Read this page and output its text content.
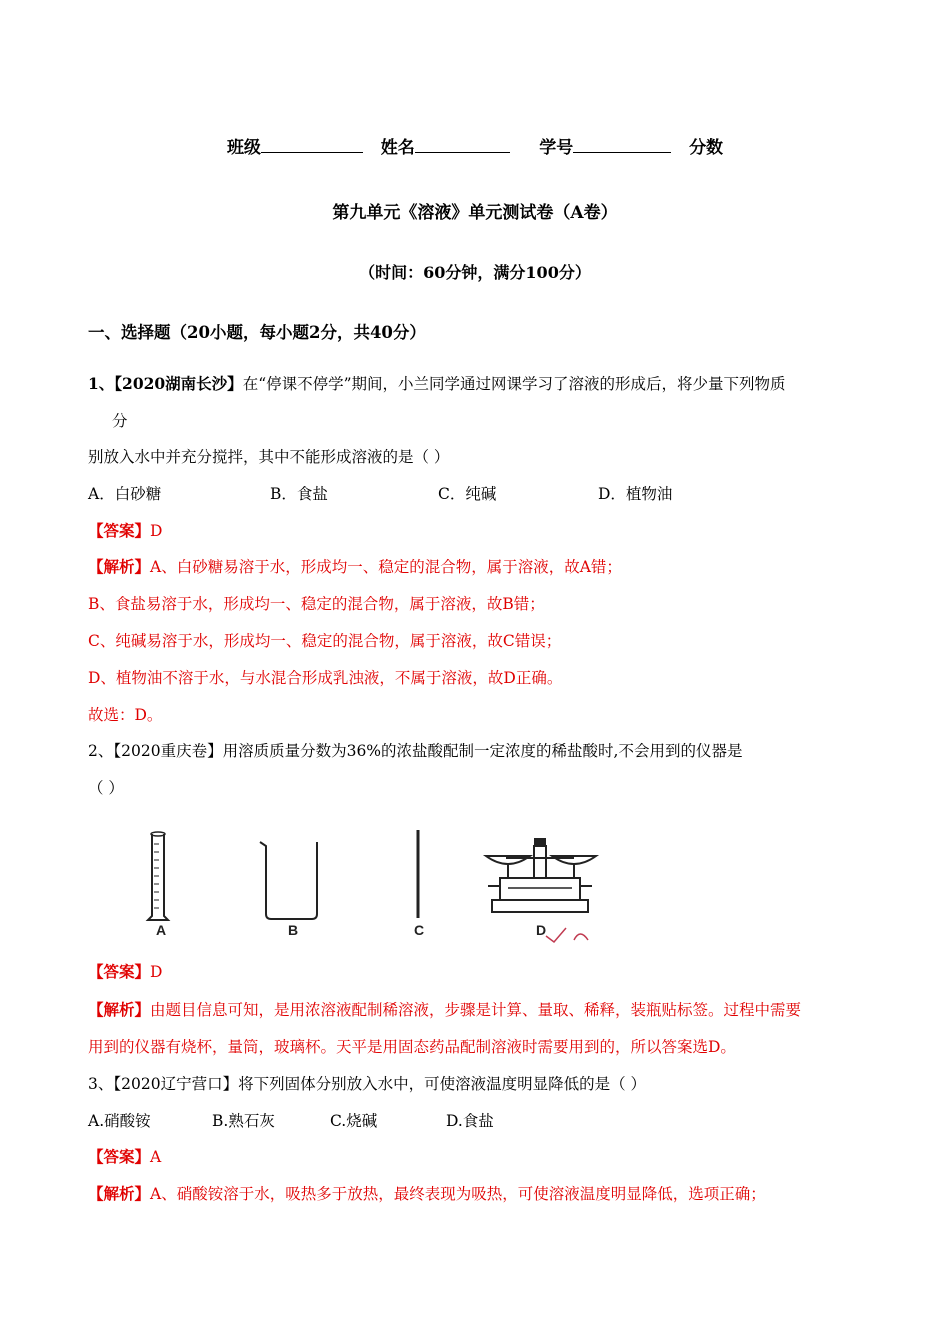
班级	姓名	学号	分数
第九单元《溶液》单元测试卷（A卷）
（时间：60分钟，满分100分）
一、选择题（20小题，每小题2分，共40分）
1、【2020湖南长沙】在“停课不停学”期间，小兰同学通过网课学习了溶液的形成后，将少量下列物质
分
别放入水中并充分搅拌，其中不能形成溶液的是（ ）
A．白砂糖	B．食盐	C．纯碱	D．植物油
【答案】D
【解析】A、白砂糖易溶于水，形成均一、稳定的混合物，属于溶液，故A错；
B、食盐易溶于水，形成均一、稳定的混合物，属于溶液，故B错；
C、纯碱易溶于水，形成均一、稳定的混合物，属于溶液，故C错误；
D、植物油不溶于水，与水混合形成乳浊液，不属于溶液，故D正确。
故选：D。
2、【2020重庆卷】用溶质质量分数为36%的浓盐酸配制一定浓度的稀盐酸时,不会用到的仪器是
（ ）
A	B	C	D
【答案】D
【解析】由题目信息可知，是用浓溶液配制稀溶液，步骤是计算、量取、稀释，装瓶贴标签。过程中需要
用到的仪器有烧杯，量筒，玻璃杯。天平是用固态药品配制溶液时需要用到的，所以答案选D。
3、【2020辽宁营口】将下列固体分别放入水中，可使溶液温度明显降低的是（ ）
A.硝酸铵	B.熟石灰	C.烧碱	D.食盐
【答案】A
【解析】A、硝酸铵溶于水，吸热多于放热，最终表现为吸热，可使溶液温度明显降低，选项正确；
